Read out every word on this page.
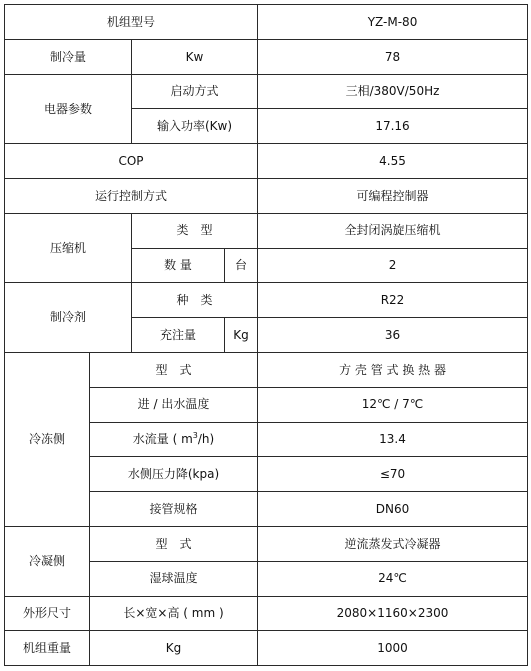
机组型号				YZ-M-80
制冷量		Kw		78
电器参数		启动方式		三相/380V/50Hz
		输入功率(Kw)		17.16
COP				4.55
运行控制方式				可编程控制器
压缩机		类　型		全封闭涡旋压缩机
		数 量	台	2
制冷剂		种　类		R22
		充注量	Kg	36
冷冻侧	型　式			方 壳 管 式 换 热 器
	进 / 出水温度			12℃ / 7℃
	水流量 ( $m^3/h$)			13.4
	水侧压力降(kpa)			≤70
	接管规格			DN60
冷凝侧	型　式			逆流蒸发式冷凝器
	湿球温度			24℃
外形尺寸	长×宽×高 ( mm )			2080×1160×2300
机组重量	Kg			1000
